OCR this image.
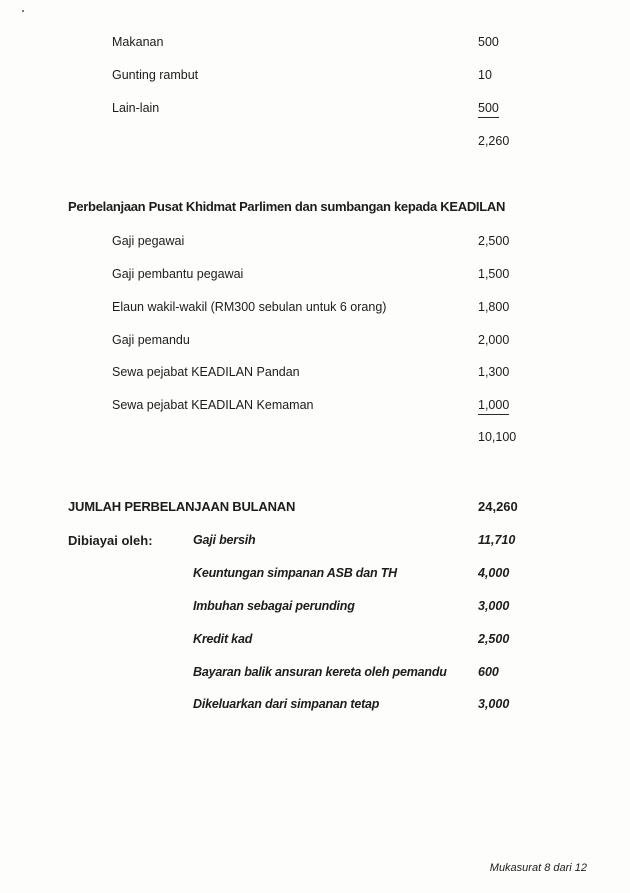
Makanan	500
Gunting rambut	10
Lain-lain	500
2,260
Perbelanjaan Pusat Khidmat Parlimen dan sumbangan kepada KEADILAN
Gaji pegawai	2,500
Gaji pembantu pegawai	1,500
Elaun wakil-wakil (RM300 sebulan untuk 6 orang)	1,800
Gaji pemandu	2,000
Sewa pejabat KEADILAN Pandan	1,300
Sewa pejabat KEADILAN Kemaman	1,000
10,100
JUMLAH PERBELANJAAN BULANAN	24,260
Dibiayai oleh:	Gaji bersih	11,710
Keuntungan simpanan ASB dan TH	4,000
Imbuhan sebagai perunding	3,000
Kredit kad	2,500
Bayaran balik ansuran kereta oleh pemandu	600
Dikeluarkan dari simpanan tetap	3,000
Mukasurat 8 dari 12
